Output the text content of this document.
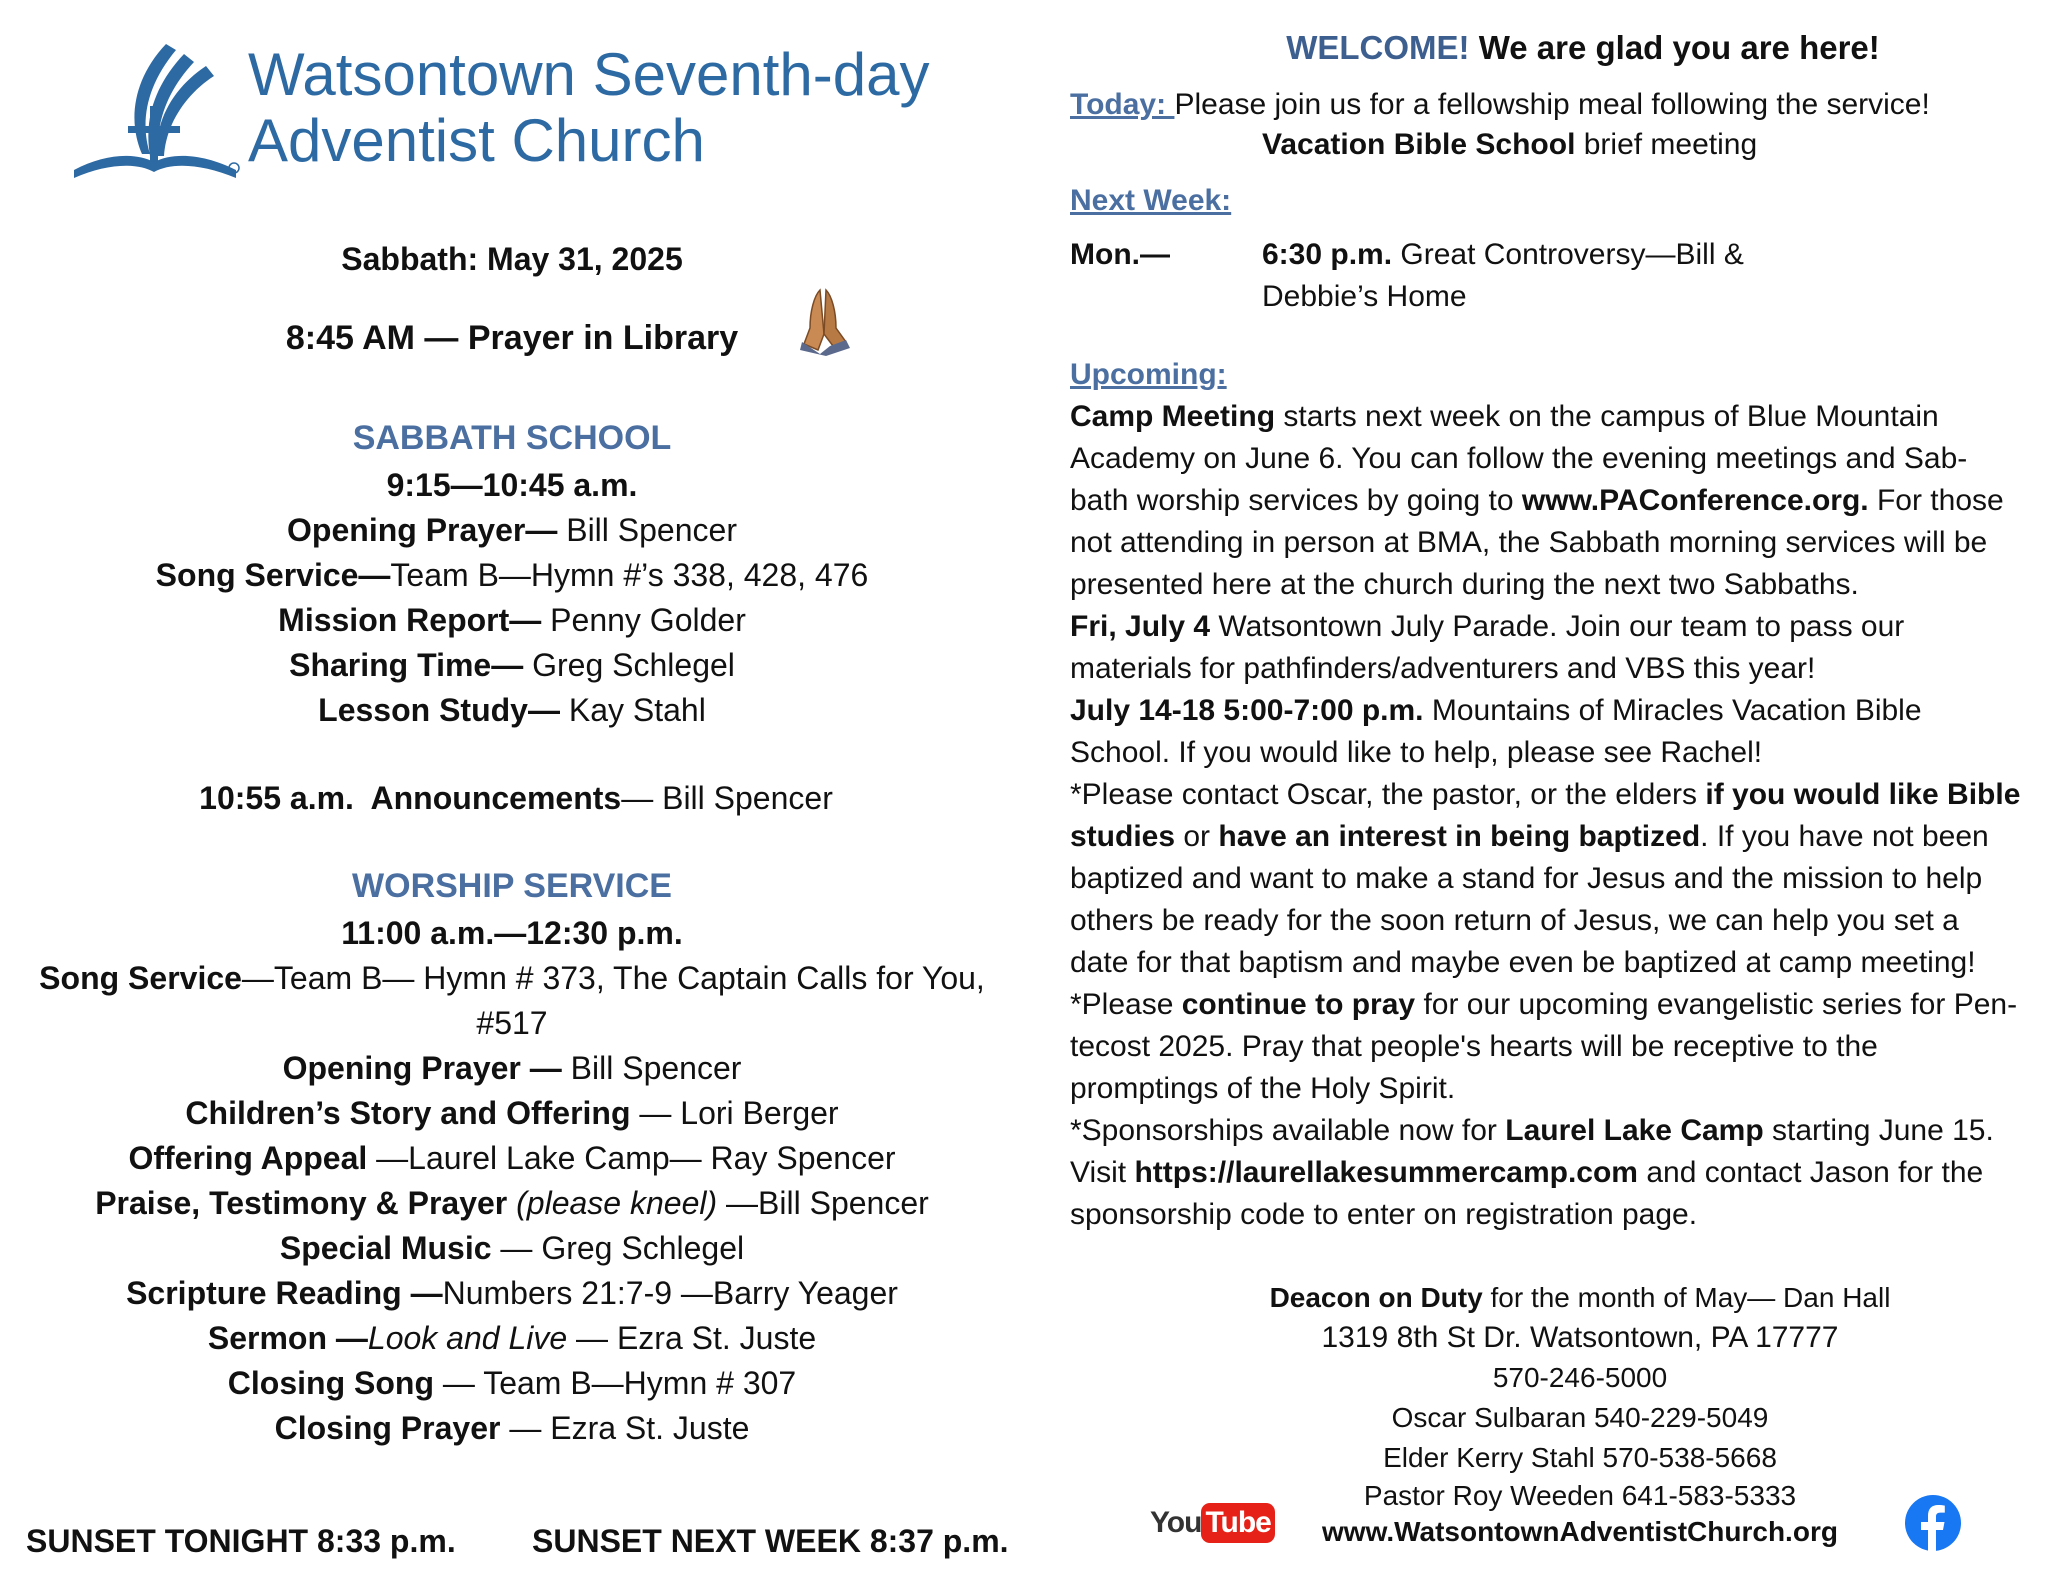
Watsontown Seventh-day
Adventist Church
Sabbath: May 31, 2025
8:45 AM — Prayer in Library
SABBATH SCHOOL
9:15—10:45 a.m.
Opening Prayer— Bill Spencer
Song Service—Team B—Hymn #’s 338, 428, 476
Mission Report— Penny Golder
Sharing Time— Greg Schlegel
Lesson Study— Kay Stahl
10:55 a.m. Announcements— Bill Spencer
WORSHIP SERVICE
11:00 a.m.—12:30 p.m.
Song Service—Team B— Hymn # 373, The Captain Calls for You,
#517
Opening Prayer — Bill Spencer
Children’s Story and Offering — Lori Berger
Offering Appeal —Laurel Lake Camp— Ray Spencer
Praise, Testimony & Prayer (please kneel) —Bill Spencer
Special Music — Greg Schlegel
Scripture Reading —Numbers 21:7-9 —Barry Yeager
Sermon —Look and Live — Ezra St. Juste
Closing Song — Team B—Hymn # 307
Closing Prayer — Ezra St. Juste
SUNSET TONIGHT 8:33 p.m. SUNSET NEXT WEEK 8:37 p.m.
WELCOME! We are glad you are here!
Today: Please join us for a fellowship meal following the service!
Vacation Bible School brief meeting
Next Week:
Mon.—	6:30 p.m. Great Controversy—Bill &
Debbie’s Home
Upcoming:
Camp Meeting starts next week on the campus of Blue Mountain
Academy on June 6. You can follow the evening meetings and Sab-
bath worship services by going to www.PAConference.org. For those
not attending in person at BMA, the Sabbath morning services will be
presented here at the church during the next two Sabbaths.
Fri, July 4 Watsontown July Parade. Join our team to pass our
materials for pathfinders/adventurers and VBS this year!
July 14-18 5:00-7:00 p.m. Mountains of Miracles Vacation Bible
School. If you would like to help, please see Rachel!
*Please contact Oscar, the pastor, or the elders if you would like Bible
studies or have an interest in being baptized. If you have not been
baptized and want to make a stand for Jesus and the mission to help
others be ready for the soon return of Jesus, we can help you set a
date for that baptism and maybe even be baptized at camp meeting!
*Please continue to pray for our upcoming evangelistic series for Pen-
tecost 2025. Pray that people's hearts will be receptive to the
promptings of the Holy Spirit.
*Sponsorships available now for Laurel Lake Camp starting June 15.
Visit https://laurellakesummercamp.com and contact Jason for the
sponsorship code to enter on registration page.
Deacon on Duty for the month of May— Dan Hall
1319 8th St Dr. Watsontown, PA 17777
570-246-5000
Oscar Sulbaran 540-229-5049
Elder Kerry Stahl 570-538-5668
Pastor Roy Weeden 641-583-5333
www.WatsontownAdventistChurch.org
You Tube
